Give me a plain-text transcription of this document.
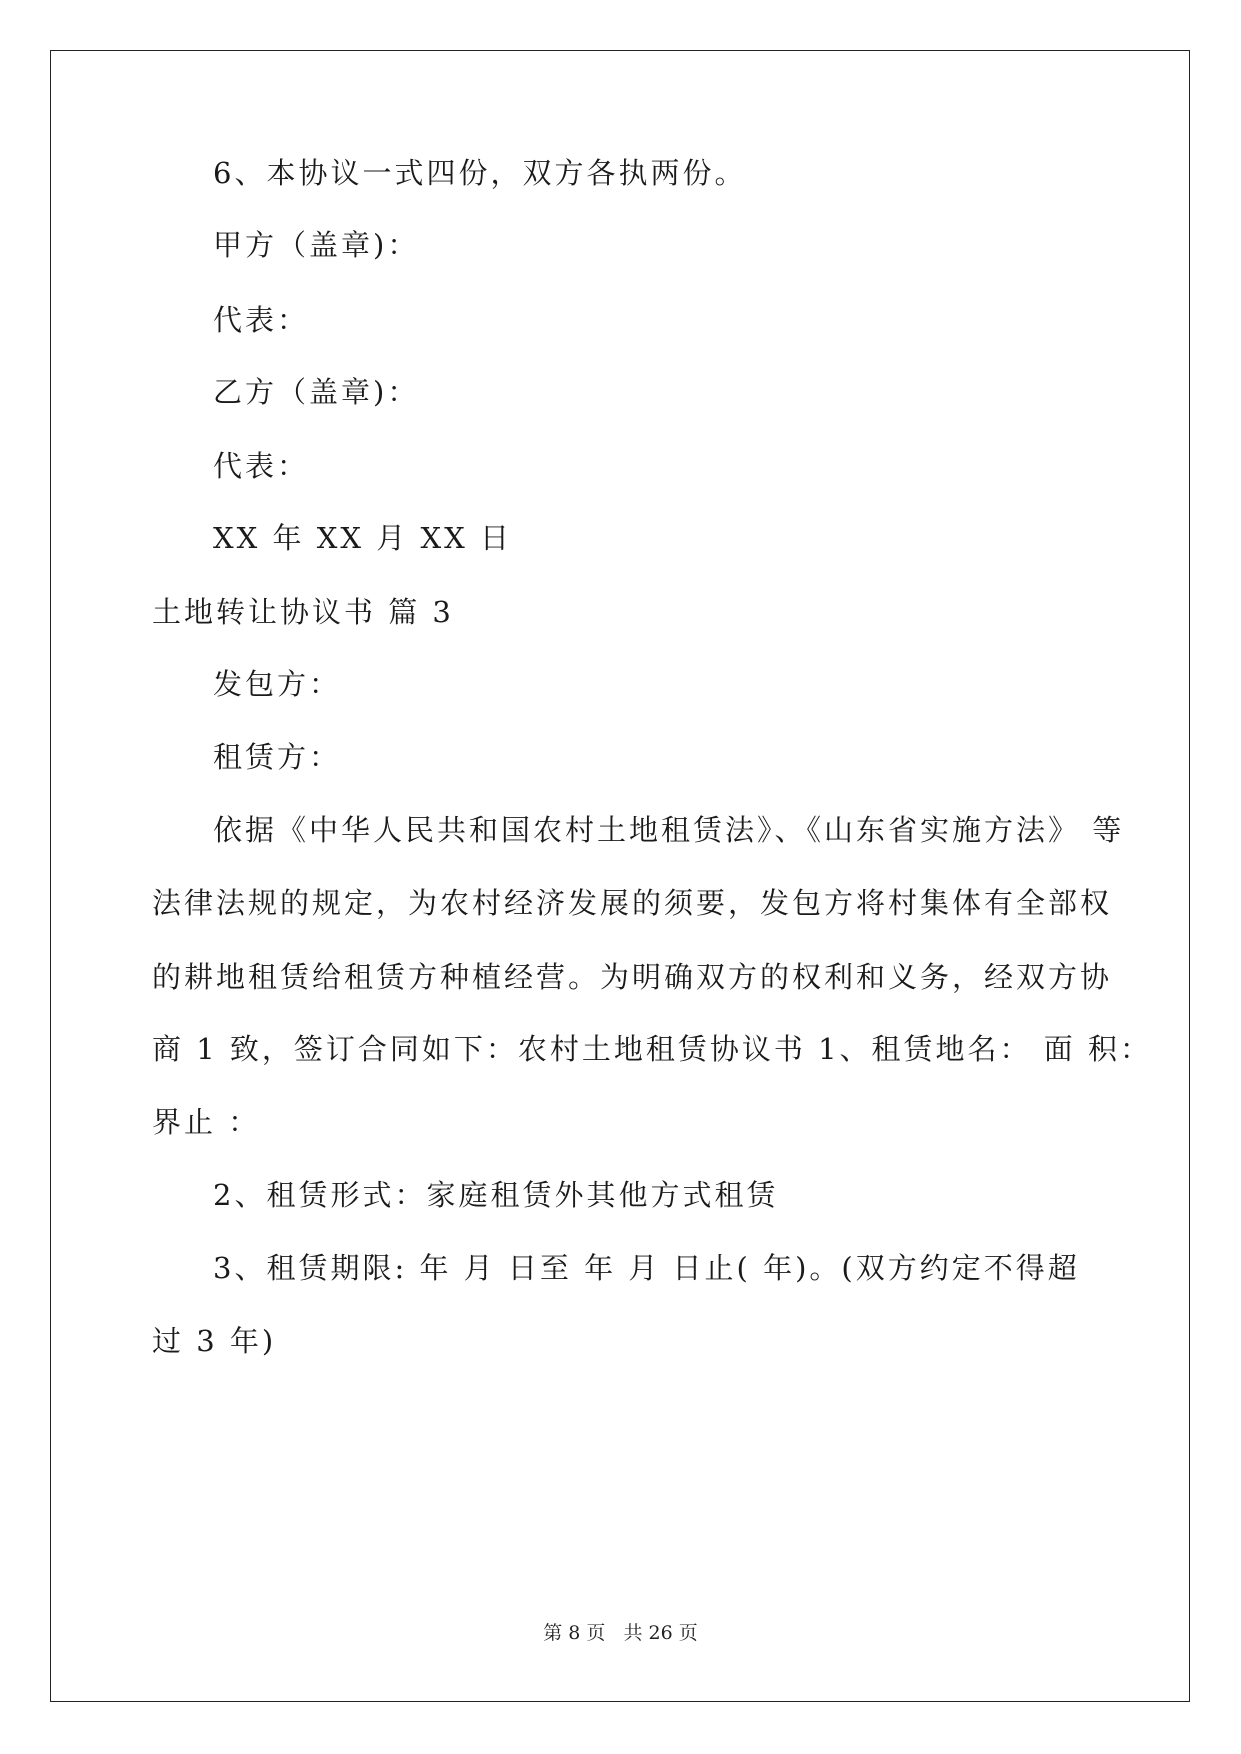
6、本协议一式四份，双方各执两份。
甲方（盖章)：
代表：
乙方（盖章)：
代表：
XX 年 XX 月 XX 日
土地转让协议书 篇 3
发包方：
租赁方：
依据《中华人民共和国农村土地租赁法》、《山东省实施方法》 等
法律法规的规定，为农村经济发展的须要，发包方将村集体有全部权
的耕地租赁给租赁方种植经营。为明确双方的权利和义务，经双方协
商 1 致，签订合同如下：农村土地租赁协议书 1、租赁地名： 面 积：
界止 ：
2、租赁形式：家庭租赁外其他方式租赁
3、租赁期限: 年 月 日至 年 月 日止( 年)。(双方约定不得超
过 3 年)
第 8 页 共 26 页
